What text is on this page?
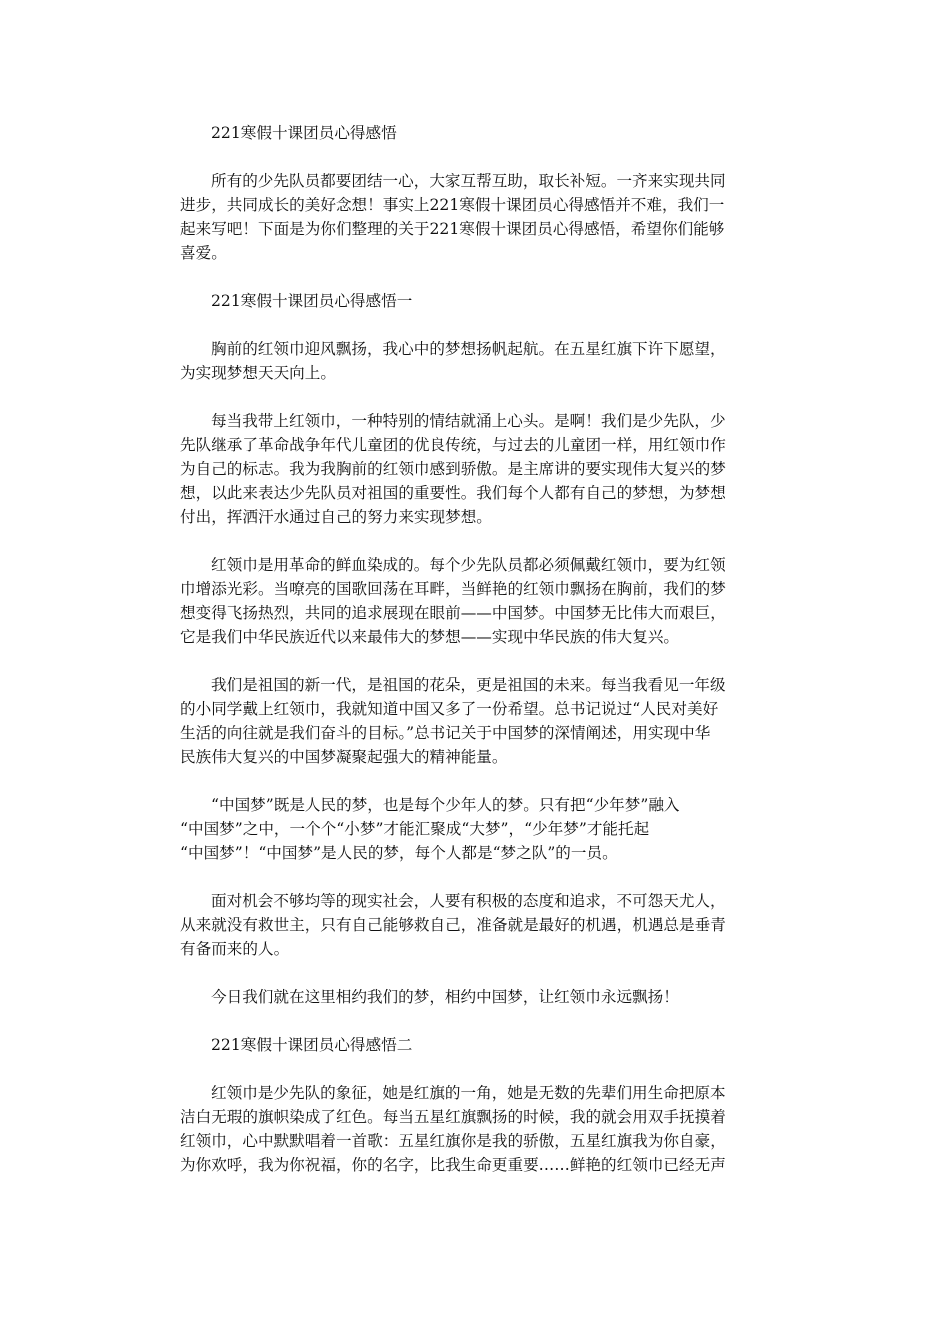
221寒假十课团员心得感悟

所有的少先队员都要团结一心，大家互帮互助，取长补短。一齐来实现共同

进步，共同成长的美好念想！事实上221寒假十课团员心得感悟并不难，我们一

起来写吧！下面是为你们整理的关于221寒假十课团员心得感悟，希望你们能够

喜爱。

221寒假十课团员心得感悟一

胸前的红领巾迎风飘扬，我心中的梦想扬帆起航。在五星红旗下许下愿望，

为实现梦想天天向上。

每当我带上红领巾，一种特别的情结就涌上心头。是啊！我们是少先队，少

先队继承了革命战争年代儿童团的优良传统，与过去的儿童团一样，用红领巾作

为自己的标志。我为我胸前的红领巾感到骄傲。是主席讲的要实现伟大复兴的梦

想，以此来表达少先队员对祖国的重要性。我们每个人都有自己的梦想，为梦想

付出，挥洒汗水通过自己的努力来实现梦想。

红领巾是用革命的鲜血染成的。每个少先队员都必须佩戴红领巾，要为红领

巾增添光彩。当嘹亮的国歌回荡在耳畔，当鲜艳的红领巾飘扬在胸前，我们的梦

想变得飞扬热烈，共同的追求展现在眼前——中国梦。中国梦无比伟大而艰巨，

它是我们中华民族近代以来最伟大的梦想——实现中华民族的伟大复兴。

我们是祖国的新一代，是祖国的花朵，更是祖国的未来。每当我看见一年级

的小同学戴上红领巾，我就知道中国又多了一份希望。总书记说过“人民对美好

生活的向往就是我们奋斗的目标。”总书记关于中国梦的深情阐述，用实现中华

民族伟大复兴的中国梦凝聚起强大的精神能量。

“中国梦”既是人民的梦，也是每个少年人的梦。只有把“少年梦”融入

“中国梦”之中，一个个“小梦”才能汇聚成“大梦”，“少年梦”才能托起

“中国梦”！“中国梦”是人民的梦，每个人都是“梦之队”的一员。

面对机会不够均等的现实社会，人要有积极的态度和追求，不可怨天尤人，

从来就没有救世主，只有自己能够救自己，准备就是最好的机遇，机遇总是垂青

有备而来的人。

今日我们就在这里相约我们的梦，相约中国梦，让红领巾永远飘扬！

221寒假十课团员心得感悟二

红领巾是少先队的象征，她是红旗的一角，她是无数的先辈们用生命把原本

洁白无瑕的旗帜染成了红色。每当五星红旗飘扬的时候，我的就会用双手抚摸着

红领巾，心中默默唱着一首歌：五星红旗你是我的骄傲，五星红旗我为你自豪，

为你欢呼，我为你祝福，你的名字，比我生命更重要……鲜艳的红领巾已经无声
